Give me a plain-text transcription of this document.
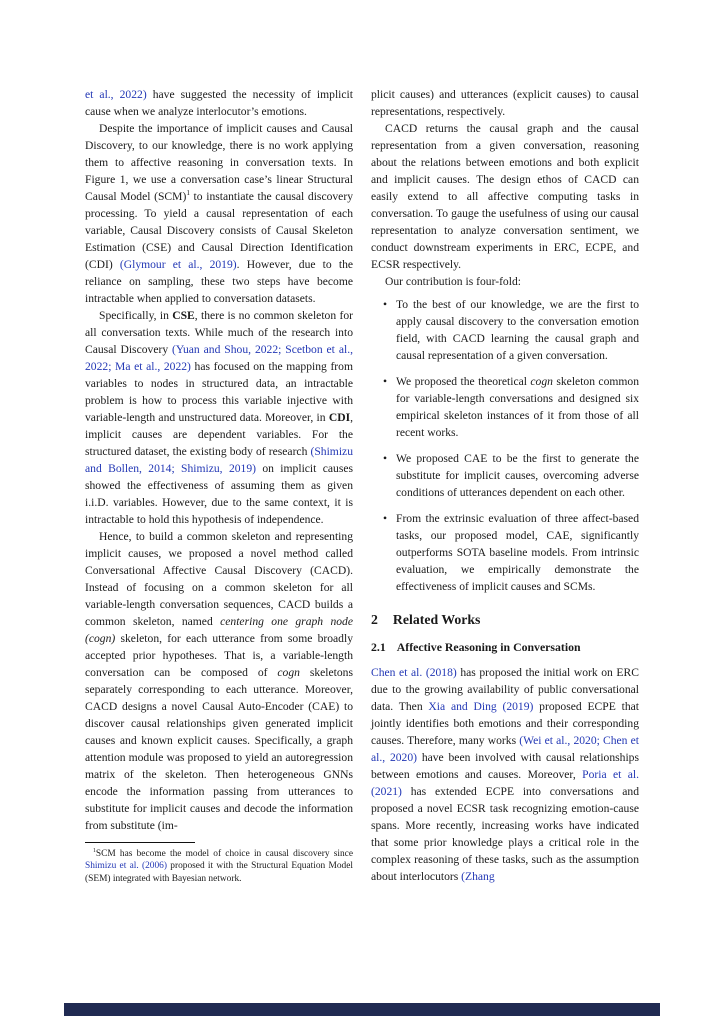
et al., 2022) have suggested the necessity of implicit cause when we analyze interlocutor’s emotions.

Despite the importance of implicit causes and Causal Discovery, to our knowledge, there is no work applying them to affective reasoning in conversation texts. In Figure 1, we use a conversation case’s linear Structural Causal Model (SCM)$^1$ to instantiate the causal discovery processing. To yield a causal representation of each variable, Causal Discovery consists of Causal Skeleton Estimation (CSE) and Causal Direction Identification (CDI) (Glymour et al., 2019). However, due to the reliance on sampling, these two steps have become intractable when applied to conversation datasets.

Specifically, in CSE, there is no common skeleton for all conversation texts. While much of the research into Causal Discovery (Yuan and Shou, 2022; Scetbon et al., 2022; Ma et al., 2022) has focused on the mapping from variables to nodes in structured data, an intractable problem is how to process this variable injective with variable-length and unstructured data. Moreover, in CDI, implicit causes are dependent variables. For the structured dataset, the existing body of research (Shimizu and Bollen, 2014; Shimizu, 2019) on implicit causes showed the effectiveness of assuming them as given i.i.D. variables. However, due to the same context, it is intractable to hold this hypothesis of independence.

Hence, to build a common skeleton and representing implicit causes, we proposed a novel method called Conversational Affective Causal Discovery (CACD). Instead of focusing on a common skeleton for all variable-length conversation sequences, CACD builds a common skeleton, named centering one graph node (cogn) skeleton, for each utterance from some broadly accepted prior hypotheses. That is, a variable-length conversation can be composed of cogn skeletons separately corresponding to each utterance. Moreover, CACD designs a novel Causal Auto-Encoder (CAE) to discover causal relationships given generated implicit causes and known explicit causes. Specifically, a graph attention module was proposed to yield an autoregression matrix of the skeleton. Then heterogeneous GNNs encode the information passing from utterances to substitute for implicit causes and decode the information from substitute (im-

$^1$SCM has become the model of choice in causal discovery since Shimizu et al. (2006) proposed it with the Structural Equation Model (SEM) integrated with Bayesian network.

plicit causes) and utterances (explicit causes) to causal representations, respectively.

CACD returns the causal graph and the causal representation from a given conversation, reasoning about the relations between emotions and both explicit and implicit causes. The design ethos of CACD can easily extend to all affective computing tasks in conversation. To gauge the usefulness of using our causal representation to analyze conversation sentiment, we conduct downstream experiments in ERC, ECPE, and ECSR respectively.

Our contribution is four-fold:

• To the best of our knowledge, we are the first to apply causal discovery to the conversation emotion field, with CACD learning the causal graph and causal representation of a given conversation.
• We proposed the theoretical cogn skeleton common for variable-length conversations and designed six empirical skeleton instances of it from those of all recent works.
• We proposed CAE to be the first to generate the substitute for implicit causes, overcoming adverse conditions of utterances dependent on each other.
• From the extrinsic evaluation of three affect-based tasks, our proposed model, CAE, significantly outperforms SOTA baseline models. From intrinsic evaluation, we empirically demonstrate the effectiveness of implicit causes and SCMs.
2 Related Works
2.1 Affective Reasoning in Conversation

Chen et al. (2018) has proposed the initial work on ERC due to the growing availability of public conversational data. Then Xia and Ding (2019) proposed ECPE that jointly identifies both emotions and their corresponding causes. Therefore, many works (Wei et al., 2020; Chen et al., 2020) have been involved with causal relationships between emotions and causes. Moreover, Poria et al. (2021) has extended ECPE into conversations and proposed a novel ECSR task recognizing emotion-cause spans. More recently, increasing works have indicated that some prior knowledge plays a critical role in the complex reasoning of these tasks, such as the assumption about interlocutors (Zhang
